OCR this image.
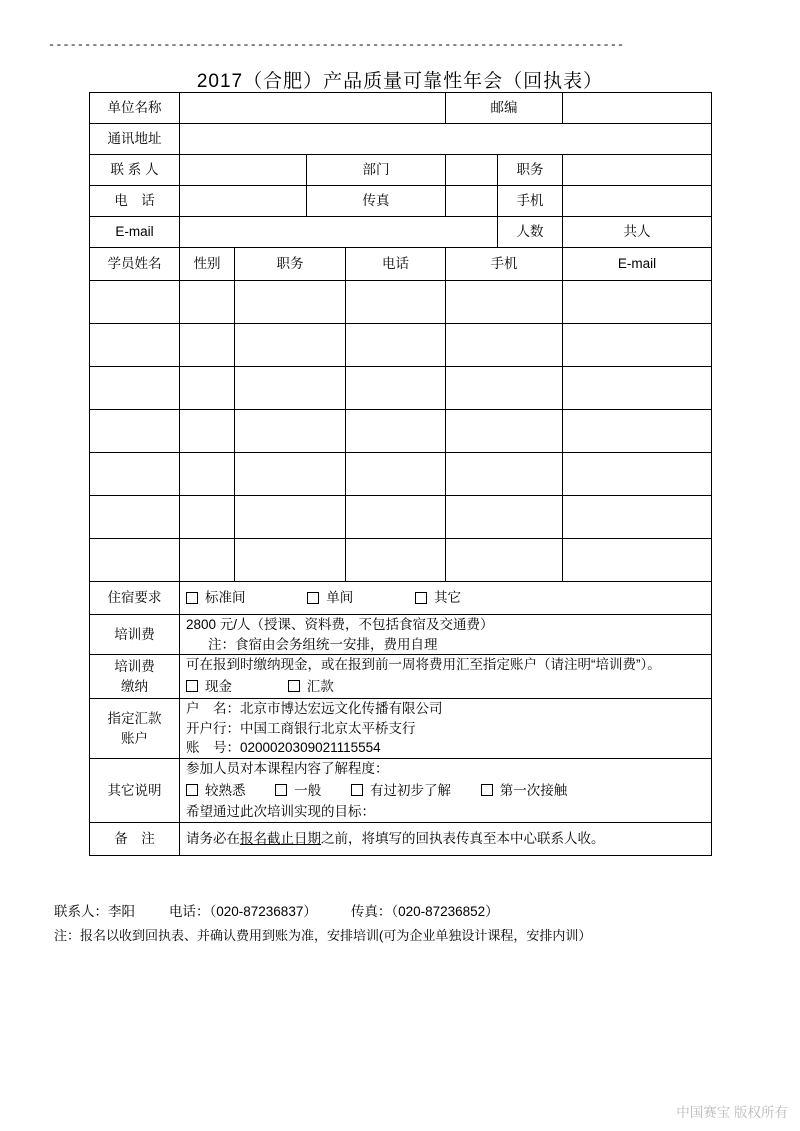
--------------------------------------------------------------------------------
2017（合肥）产品质量可靠性年会（回执表）
单位名称					邮编		
通讯地址							
联 系 人			部门			职务	
电　话			传真			手机	
E-mail						人数	共人
学员姓名	性别	职务		电话	手机		E-mail

住宿要求	标准间 单间 其它						
培训费	2800 元/人（授课、资料费，不包括食宿及交通费）
注：食宿由会务组统一安排，费用自理						

培训费
缴纳	可在报到时缴纳现金，或在报到前一周将费用汇至指定账户（请注明“培训费”）。
现金 汇款						

指定汇款
账户	户　名：北京市博达宏远文化传播有限公司
开户行：中国工商银行北京太平桥支行
账　号：0200020309021115554						

其它说明	参加人员对本课程内容了解程度：
较熟悉 一般 有过初步了解 第一次接触
希望通过此次培训实现的目标：						

备　注	请务必在报名截止日期之前，将填写的回执表传真至本中心联系人收。						
联系人：李阳	电话：（020-87236837）	传真：（020-87236852）
注：报名以收到回执表、并确认费用到账为准，安排培训(可为企业单独设计课程，安排内训）
中国赛宝 版权所有
